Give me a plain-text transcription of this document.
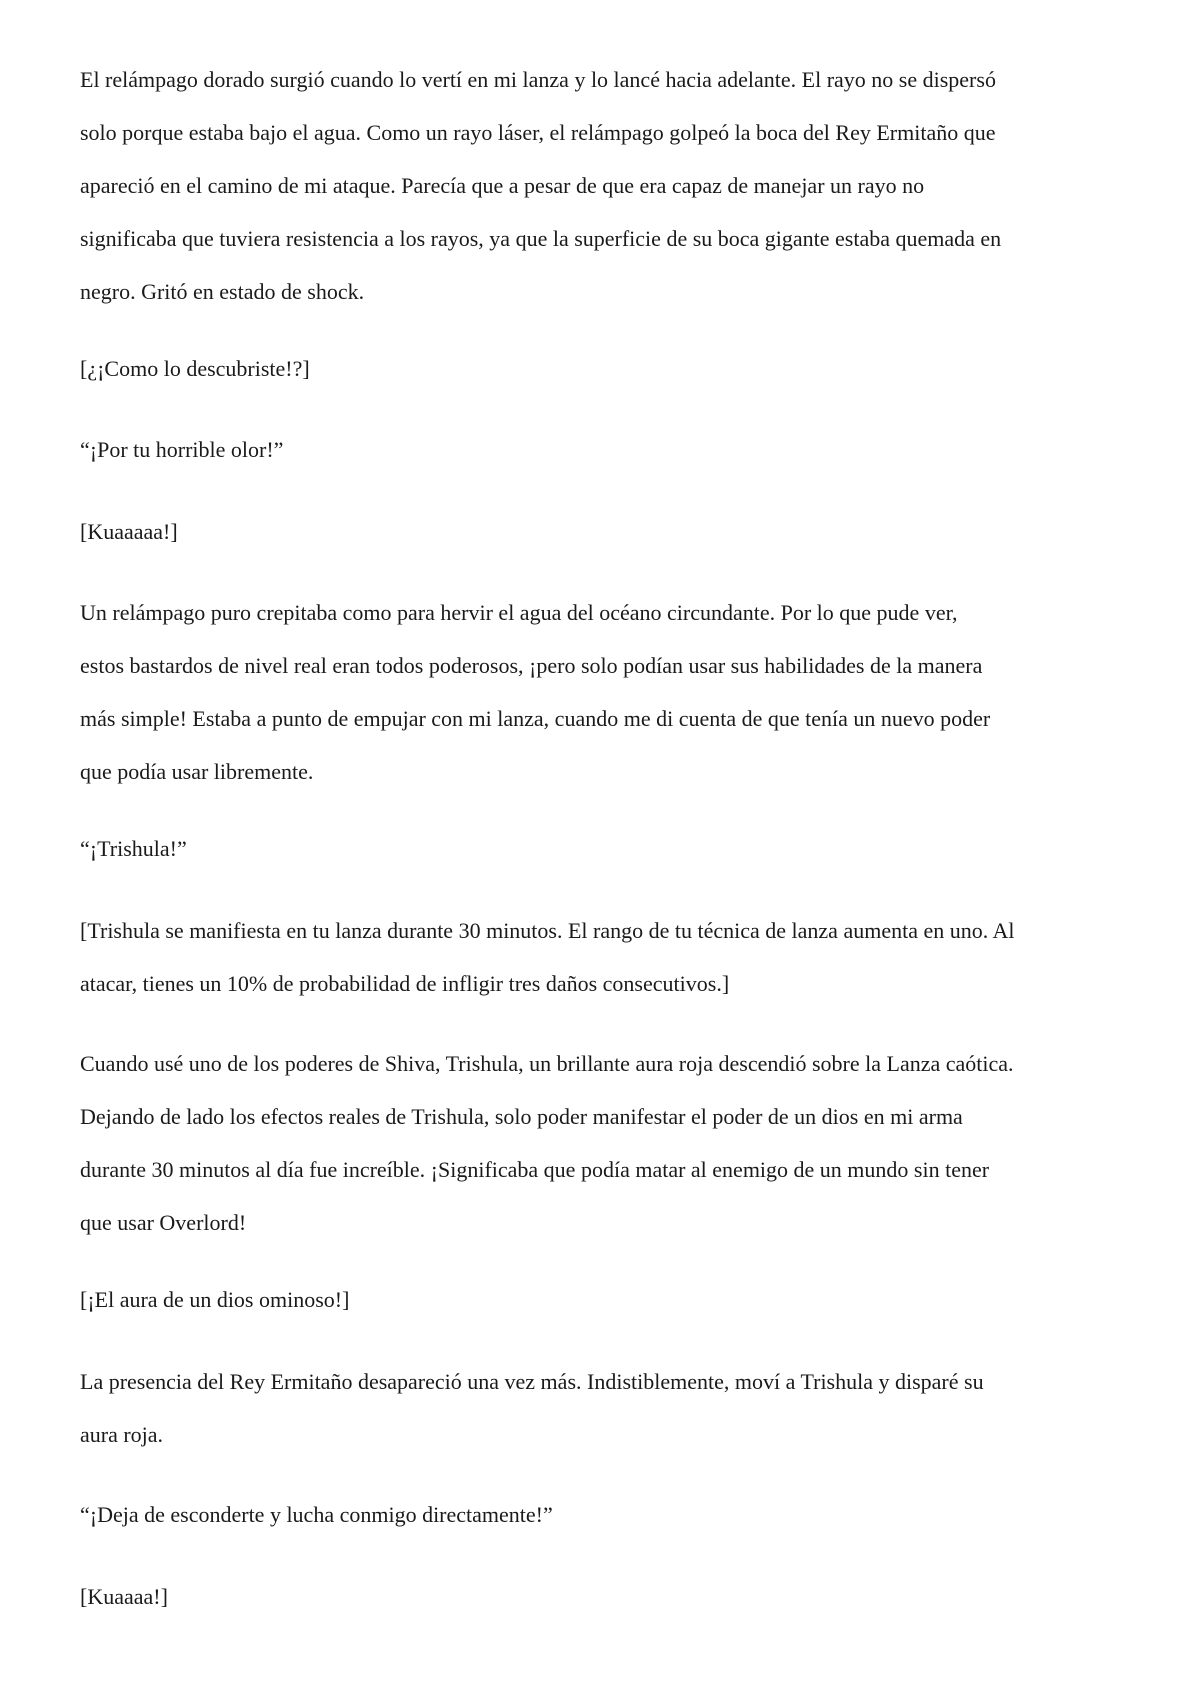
El relámpago dorado surgió cuando lo vertí en mi lanza y lo lancé hacia adelante. El rayo no se dispersó
solo porque estaba bajo el agua. Como un rayo láser, el relámpago golpeó la boca del Rey Ermitaño que
apareció en el camino de mi ataque. Parecía que a pesar de que era capaz de manejar un rayo no
significaba que tuviera resistencia a los rayos, ya que la superficie de su boca gigante estaba quemada en
negro. Gritó en estado de shock.
[¿¡Como lo descubriste!?]
“¡Por tu horrible olor!”
[Kuaaaaa!]
Un relámpago puro crepitaba como para hervir el agua del océano circundante. Por lo que pude ver,
estos bastardos de nivel real eran todos poderosos, ¡pero solo podían usar sus habilidades de la manera
más simple! Estaba a punto de empujar con mi lanza, cuando me di cuenta de que tenía un nuevo poder
que podía usar libremente.
“¡Trishula!”
[Trishula se manifiesta en tu lanza durante 30 minutos. El rango de tu técnica de lanza aumenta en uno. Al
atacar, tienes un 10% de probabilidad de infligir tres daños consecutivos.]
Cuando usé uno de los poderes de Shiva, Trishula, un brillante aura roja descendió sobre la Lanza caótica.
Dejando de lado los efectos reales de Trishula, solo poder manifestar el poder de un dios en mi arma
durante 30 minutos al día fue increíble. ¡Significaba que podía matar al enemigo de un mundo sin tener
que usar Overlord!
[¡El aura de un dios ominoso!]
La presencia del Rey Ermitaño desapareció una vez más. Indistiblemente, moví a Trishula y disparé su
aura roja.
“¡Deja de esconderte y lucha conmigo directamente!”
[Kuaaaa!]
